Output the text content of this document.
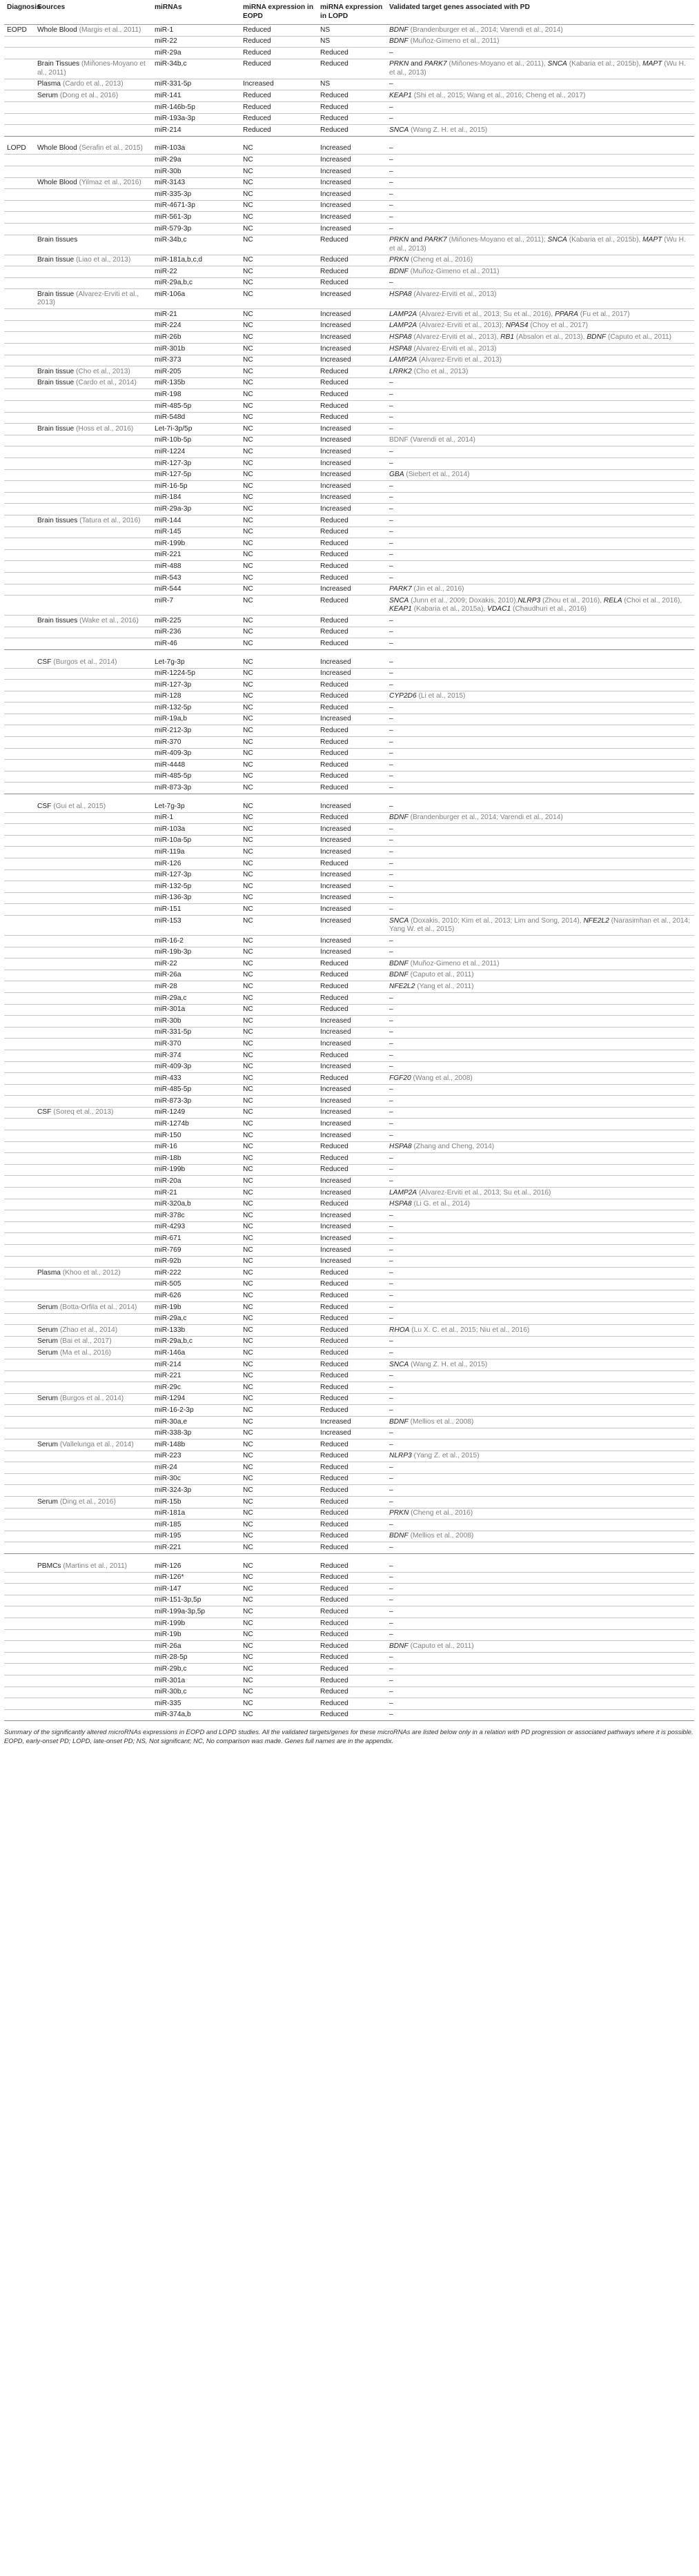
Diagnosis	Sources	miRNAs	miRNA expression in EOPD	miRNA expression in LOPD	Validated target genes associated with PD
EOPD	Whole Blood (Margis et al., 2011)	miR-1	Reduced	NS	BDNF (Brandenburger et al., 2014; Varendi et al., 2014)
		miR-22	Reduced	NS	BDNF (Muñoz-Gimeno et al., 2011)
		miR-29a	Reduced	Reduced	–
	Brain Tissues (Miñones-Moyano et al., 2011)	miR-34b,c	Reduced	Reduced	PRKN and PARK7 (Miñones-Moyano et al., 2011), SNCA (Kabaria et al., 2015b), MAPT (Wu H. et al., 2013)
	Plasma (Cardo et al., 2013)	miR-331-5p	Increased	NS	–
	Serum (Dong et al., 2016)	miR-141	Reduced	Reduced	KEAP1 (Shi et al., 2015; Wang et al., 2016; Cheng et al., 2017)
		miR-146b-5p	Reduced	Reduced	–
		miR-193a-3p	Reduced	Reduced	–
		miR-214	Reduced	Reduced	SNCA (Wang Z. H. et al., 2015)

LOPD	Whole Blood (Serafin et al., 2015)	miR-103a	NC	Increased	–
		miR-29a	NC	Increased	–
		miR-30b	NC	Increased	–
	Whole Blood (Yilmaz et al., 2016)	miR-3143	NC	Increased	–
		miR-335-3p	NC	Increased	–
		miR-4671-3p	NC	Increased	–
		miR-561-3p	NC	Increased	–
		miR-579-3p	NC	Increased	–
	Brain tissues	miR-34b,c	NC	Reduced	PRKN and PARK7 (Miñones-Moyano et al., 2011); SNCA (Kabaria et al., 2015b), MAPT (Wu H. et al., 2013)
	Brain tissue (Liao et al., 2013)	miR-181a,b,c,d	NC	Reduced	PRKN (Cheng et al., 2016)
		miR-22	NC	Reduced	BDNF (Muñoz-Gimeno et al., 2011)
		miR-29a,b,c	NC	Reduced	–
	Brain tissue (Alvarez-Erviti et al., 2013)	miR-106a	NC	Increased	HSPA8 (Alvarez-Erviti et al., 2013)
		miR-21	NC	Increased	LAMP2A (Alvarez-Erviti et al., 2013; Su et al., 2016), PPARA (Fu et al., 2017)
		miR-224	NC	Increased	LAMP2A (Alvarez-Erviti et al., 2013); NPAS4 (Choy et al., 2017)
		miR-26b	NC	Increased	HSPA8 (Alvarez-Erviti et al., 2013), RB1 (Absalon et al., 2013), BDNF (Caputo et al., 2011)
		miR-301b	NC	Increased	HSPA8 (Alvarez-Erviti et al., 2013)
		miR-373	NC	Increased	LAMP2A (Alvarez-Erviti et al., 2013)
	Brain tissue (Cho et al., 2013)	miR-205	NC	Reduced	LRRK2 (Cho et al., 2013)
	Brain tissue (Cardo et al., 2014)	miR-135b	NC	Reduced	–
		miR-198	NC	Reduced	–
		miR-485-5p	NC	Reduced	–
		miR-548d	NC	Reduced	–
	Brain tissue (Hoss et al., 2016)	Let-7i-3p/5p	NC	Increased	–
		miR-10b-5p	NC	Increased	BDNF (Varendi et al., 2014)
		miR-1224	NC	Increased	–
		miR-127-3p	NC	Increased	–
		miR-127-5p	NC	Increased	GBA (Siebert et al., 2014)
		miR-16-5p	NC	Increased	–
		miR-184	NC	Increased	–
		miR-29a-3p	NC	Increased	–
	Brain tissues (Tatura et al., 2016)	miR-144	NC	Reduced	–
		miR-145	NC	Reduced	–
		miR-199b	NC	Reduced	–
		miR-221	NC	Reduced	–
		miR-488	NC	Reduced	–
		miR-543	NC	Reduced	–
		miR-544	NC	Increased	PARK7 (Jin et al., 2016)
		miR-7	NC	Reduced	SNCA (Junn et al., 2009; Doxakis, 2010),NLRP3 (Zhou et al., 2016), RELA (Choi et al., 2016), KEAP1 (Kabaria et al., 2015a), VDAC1 (Chaudhuri et al., 2016)
	Brain tissues (Wake et al., 2016)	miR-225	NC	Reduced	–
		miR-236	NC	Reduced	–
		miR-46	NC	Reduced	–

	CSF (Burgos et al., 2014)	Let-7g-3p	NC	Increased	–
		miR-1224-5p	NC	Increased	–
		miR-127-3p	NC	Reduced	–
		miR-128	NC	Reduced	CYP2D6 (Li et al., 2015)
		miR-132-5p	NC	Reduced	–
		miR-19a,b	NC	Increased	–
		miR-212-3p	NC	Reduced	–
		miR-370	NC	Reduced	–
		miR-409-3p	NC	Reduced	–
		miR-4448	NC	Reduced	–
		miR-485-5p	NC	Reduced	–
		miR-873-3p	NC	Reduced	–

	CSF (Gui et al., 2015)	Let-7g-3p	NC	Increased	–
		miR-1	NC	Reduced	BDNF (Brandenburger et al., 2014; Varendi et al., 2014)
		miR-103a	NC	Increased	–
		miR-10a-5p	NC	Increased	–
		miR-119a	NC	Increased	–
		miR-126	NC	Reduced	–
		miR-127-3p	NC	Increased	–
		miR-132-5p	NC	Increased	–
		miR-136-3p	NC	Increased	–
		miR-151	NC	Increased	–
		miR-153	NC	Increased	SNCA (Doxakis, 2010; Kim et al., 2013; Lim and Song, 2014), NFE2L2 (Narasimhan et al., 2014; Yang W. et al., 2015)
		miR-16-2	NC	Increased	–
		miR-19b-3p	NC	Increased	–
		miR-22	NC	Reduced	BDNF (Muñoz-Gimeno et al., 2011)
		miR-26a	NC	Reduced	BDNF (Caputo et al., 2011)
		miR-28	NC	Reduced	NFE2L2 (Yang et al., 2011)
		miR-29a,c	NC	Reduced	–
		miR-301a	NC	Reduced	–
		miR-30b	NC	Increased	–
		miR-331-5p	NC	Increased	–
		miR-370	NC	Increased	–
		miR-374	NC	Reduced	–
		miR-409-3p	NC	Increased	–
		miR-433	NC	Reduced	FGF20 (Wang et al., 2008)
		miR-485-5p	NC	Increased	–
		miR-873-3p	NC	Increased	–
	CSF (Soreq et al., 2013)	miR-1249	NC	Increased	–
		miR-1274b	NC	Increased	–
		miR-150	NC	Increased	–
		miR-16	NC	Reduced	HSPA8 (Zhang and Cheng, 2014)
		miR-18b	NC	Reduced	–
		miR-199b	NC	Reduced	–
		miR-20a	NC	Increased	–
		miR-21	NC	Increased	LAMP2A (Alvarez-Erviti et al., 2013; Su et al., 2016)
		miR-320a,b	NC	Reduced	HSPA8 (Li G. et al., 2014)
		miR-378c	NC	Increased	–
		miR-4293	NC	Increased	–
		miR-671	NC	Increased	–
		miR-769	NC	Increased	–
		miR-92b	NC	Increased	–
	Plasma (Khoo et al., 2012)	miR-222	NC	Reduced	–
		miR-505	NC	Reduced	–
		miR-626	NC	Reduced	–
	Serum (Botta-Orfila et al., 2014)	miR-19b	NC	Reduced	–
		miR-29a,c	NC	Reduced	–
	Serum (Zhao et al., 2014)	miR-133b	NC	Reduced	RHOA (Lu X. C. et al., 2015; Niu et al., 2016)
	Serum (Bai et al., 2017)	miR-29a,b,c	NC	Reduced	–
	Serum (Ma et al., 2016)	miR-146a	NC	Reduced	–
		miR-214	NC	Reduced	SNCA (Wang Z. H. et al., 2015)
		miR-221	NC	Reduced	–
		miR-29c	NC	Reduced	–
	Serum (Burgos et al., 2014)	miR-1294	NC	Reduced	–
		miR-16-2-3p	NC	Reduced	–
		miR-30a,e	NC	Increased	BDNF (Mellios et al., 2008)
		miR-338-3p	NC	Increased	–
	Serum (Vallelunga et al., 2014)	miR-148b	NC	Reduced	–
		miR-223	NC	Reduced	NLRP3 (Yang Z. et al., 2015)
		miR-24	NC	Reduced	–
		miR-30c	NC	Reduced	–
		miR-324-3p	NC	Reduced	–
	Serum (Ding et al., 2016)	miR-15b	NC	Reduced	–
		miR-181a	NC	Reduced	PRKN (Cheng et al., 2016)
		miR-185	NC	Reduced	–
		miR-195	NC	Reduced	BDNF (Mellios et al., 2008)
		miR-221	NC	Reduced	–

	PBMCs (Martins et al., 2011)	miR-126	NC	Reduced	–
		miR-126*	NC	Reduced	–
		miR-147	NC	Reduced	–
		miR-151-3p,5p	NC	Reduced	–
		miR-199a-3p,5p	NC	Reduced	–
		miR-199b	NC	Reduced	–
		miR-19b	NC	Reduced	–
		miR-26a	NC	Reduced	BDNF (Caputo et al., 2011)
		miR-28-5p	NC	Reduced	–
		miR-29b,c	NC	Reduced	–
		miR-301a	NC	Reduced	–
		miR-30b,c	NC	Reduced	–
		miR-335	NC	Reduced	–
		miR-374a,b	NC	Reduced	–
Summary of the significantly altered microRNAs expressions in EOPD and LOPD studies. All the validated targets/genes for these microRNAs are listed below only in a relation with PD progression or associated pathways where it is possible. EOPD, early-onset PD; LOPD, late-onset PD; NS, Not significant; NC, No comparison was made. Genes full names are in the appendix.
